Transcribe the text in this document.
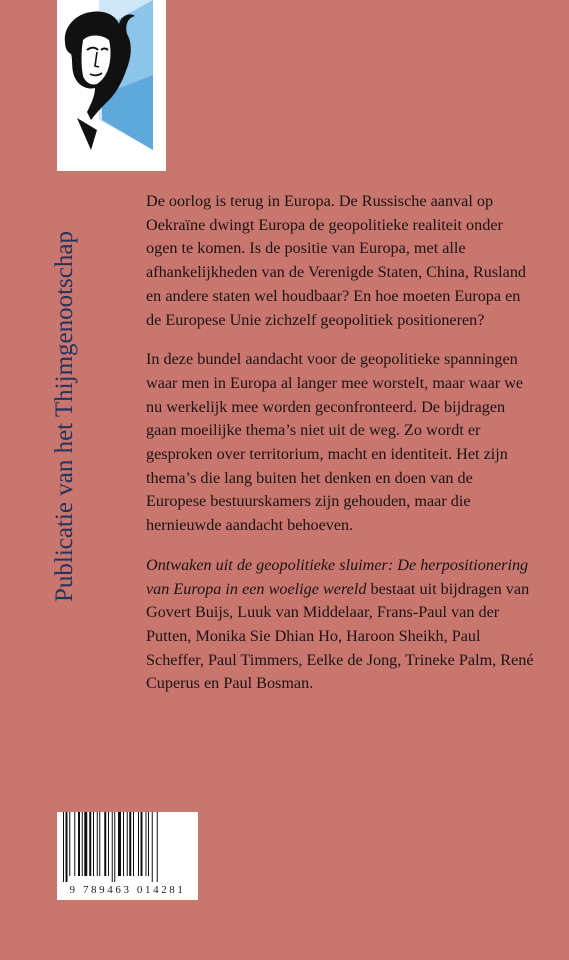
Publicatie van het Thijmgenootschap

De oorlog is terug in Europa. De Russische aanval op Oekraïne dwingt Europa de geopolitieke realiteit onder ogen te komen. Is de positie van Europa, met alle afhankelijkheden van de Verenigde Staten, China, Rusland en andere staten wel houdbaar? En hoe moeten Europa en de Europese Unie zichzelf geopolitiek positioneren?

In deze bundel aandacht voor de geopolitieke spanningen waar men in Europa al langer mee worstelt, maar waar we nu werkelijk mee worden geconfronteerd. De bijdragen gaan moeilijke thema’s niet uit de weg. Zo wordt er gesproken over territorium, macht en identiteit. Het zijn thema’s die lang buiten het denken en doen van de Europese bestuurskamers zijn gehouden, maar die hernieuwde aandacht behoeven.

Ontwaken uit de geopolitieke sluimer: De herpositionering van Europa in een woelige wereld bestaat uit bijdragen van Govert Buijs, Luuk van Middelaar, Frans-Paul van der Putten, Monika Sie Dhian Ho, Haroon Sheikh, Paul Scheffer, Paul Timmers, Eelke de Jong, Trineke Palm, René Cuperus en Paul Bosman.

9 789463 014281
